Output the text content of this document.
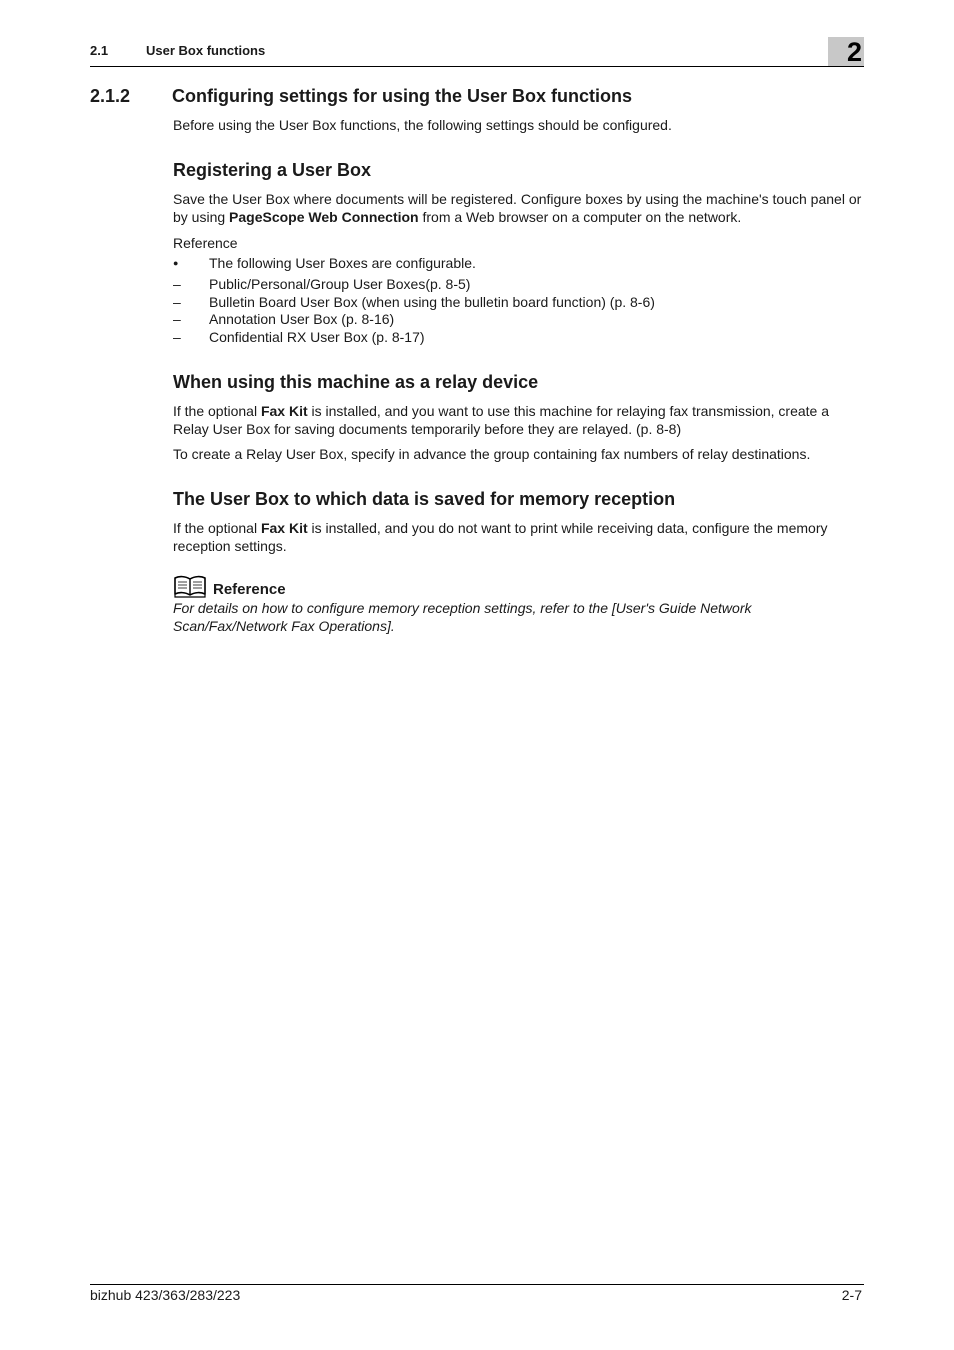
2.1	User Box functions	2
2.1.2 Configuring settings for using the User Box functions
Before using the User Box functions, the following settings should be configured.
Registering a User Box
Save the User Box where documents will be registered. Configure boxes by using the machine's touch panel or by using PageScope Web Connection from a Web browser on a computer on the network.
Reference
● The following User Boxes are configurable.
– Public/Personal/Group User Boxes(p. 8-5)
– Bulletin Board User Box (when using the bulletin board function) (p. 8-6)
– Annotation User Box (p. 8-16)
– Confidential RX User Box (p. 8-17)
When using this machine as a relay device
If the optional Fax Kit is installed, and you want to use this machine for relaying fax transmission, create a Relay User Box for saving documents temporarily before they are relayed. (p. 8-8)
To create a Relay User Box, specify in advance the group containing fax numbers of relay destinations.
The User Box to which data is saved for memory reception
If the optional Fax Kit is installed, and you do not want to print while receiving data, configure the memory reception settings.
Reference
For details on how to configure memory reception settings, refer to the [User's Guide Network Scan/Fax/Network Fax Operations].
bizhub 423/363/283/223	2-7
